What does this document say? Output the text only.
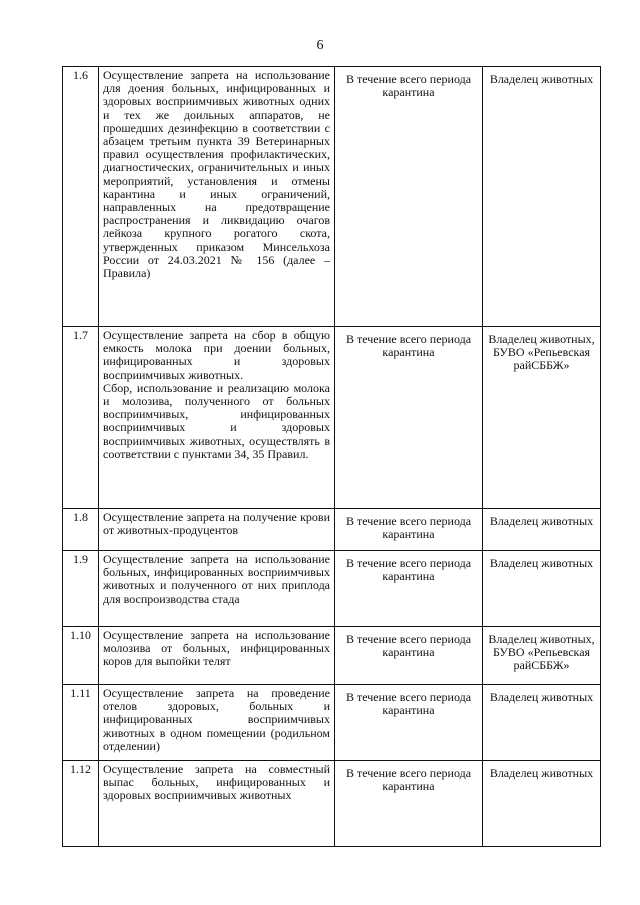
6
1.6	Осуществление запрета на использование для доения больных, инфицированных и здоровых восприимчивых животных одних и тех же доильных аппаратов, не прошедших дезинфекцию в соответствии с абзацем третьим пункта 39 Ветеринарных правил осуществления профилактических, диагностических, ограничительных и иных мероприятий, установления и отмены карантина и иных ограничений, направленных на предотвращение распространения и ликвидацию очагов лейкоза крупного рогатого скота, утвержденных приказом Минсельхоза России от 24.03.2021 № 156 (далее – Правила)	В течение всего периода карантина	Владелец животных
1.7	Осуществление запрета на сбор в общую емкость молока при доении больных, инфицированных и здоровых восприимчивых животных.
Сбор, использование и реализацию молока и молозива, полученного от больных восприимчивых, инфицированных восприимчивых и здоровых восприимчивых животных, осуществлять в соответствии с пунктами 34, 35 Правил.	В течение всего периода карантина	Владелец животных, БУВО «Репьевская райСББЖ»
1.8	Осуществление запрета на получение крови от животных-продуцентов	В течение всего периода карантина	Владелец животных
1.9	Осуществление запрета на использование больных, инфицированных восприимчивых животных и полученного от них приплода для воспроизводства стада	В течение всего периода карантина	Владелец животных
1.10	Осуществление запрета на использование молозива от больных, инфицированных коров для выпойки телят	В течение всего периода карантина	Владелец животных, БУВО «Репьевская райСББЖ»
1.11	Осуществление запрета на проведение отелов здоровых, больных и инфицированных восприимчивых животных в одном помещении (родильном отделении)	В течение всего периода карантина	Владелец животных
1.12	Осуществление запрета на совместный выпас больных, инфицированных и здоровых восприимчивых животных	В течение всего периода карантина	Владелец животных
